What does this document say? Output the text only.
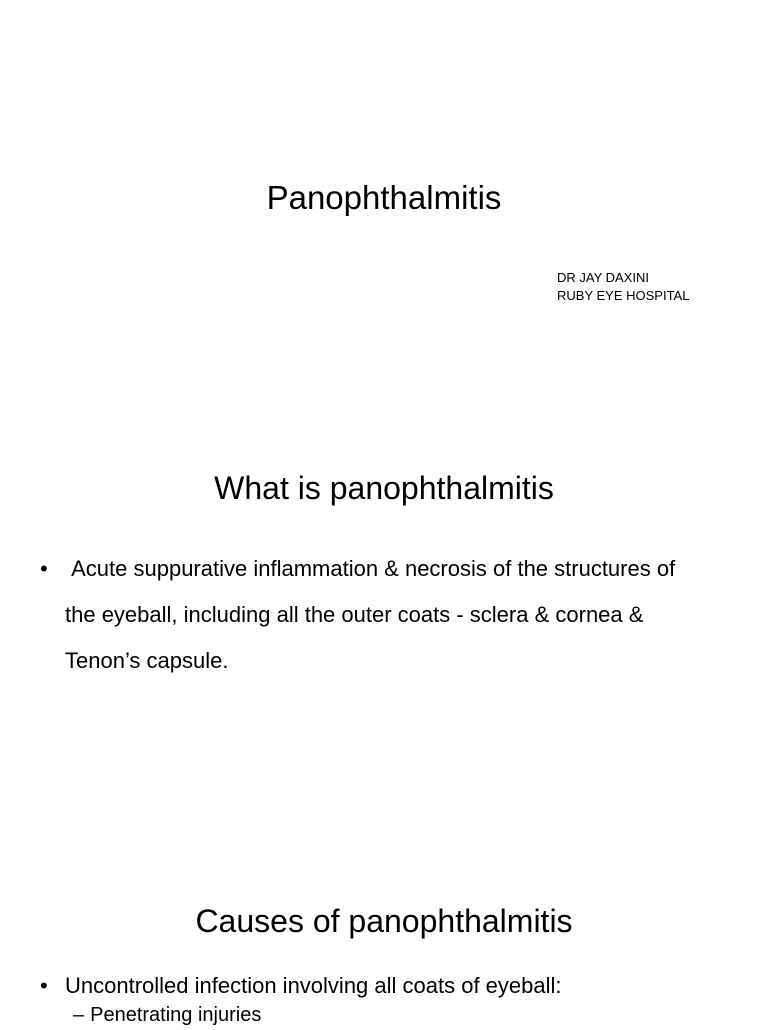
Panophthalmitis
DR JAY DAXINI
RUBY EYE HOSPITAL
What is panophthalmitis
• Acute suppurative inflammation & necrosis of the structures of the eyeball, including all the outer coats - sclera & cornea & Tenon’s capsule.
Causes of panophthalmitis
• Uncontrolled infection involving all coats of eyeball:
– Penetrating injuries
